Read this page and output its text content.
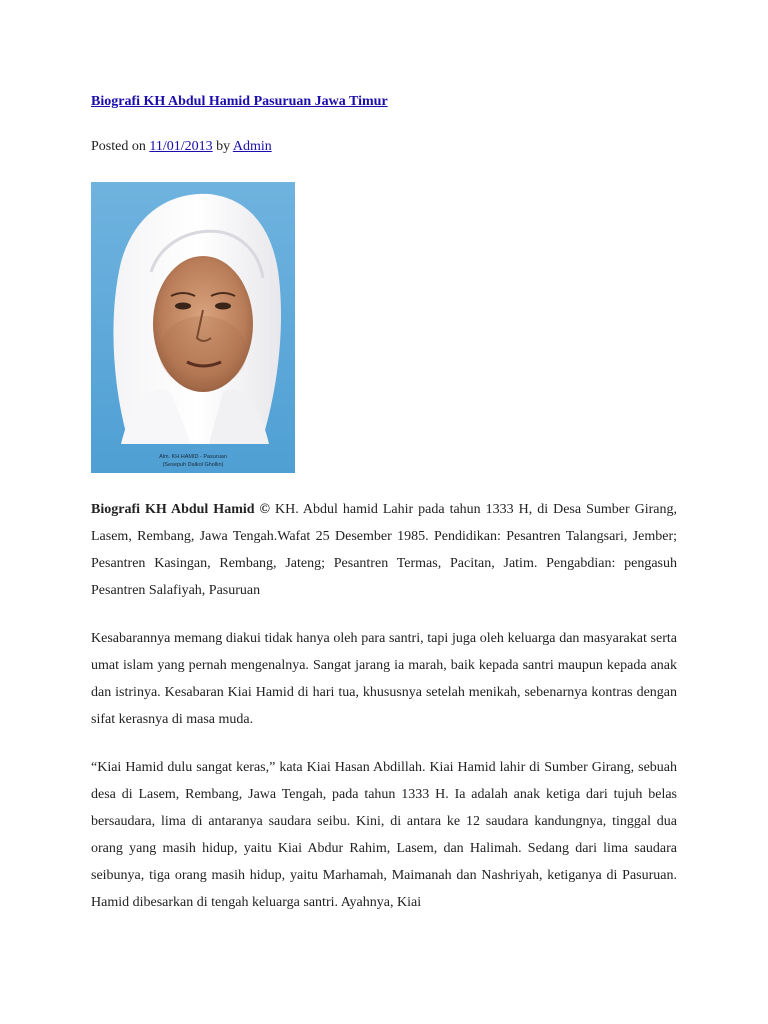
Biografi KH Abdul Hamid Pasuruan Jawa Timur
Posted on 11/01/2013 by Admin
Alm. KH.HAMID - Pasuruan
(Sesepuh Dalkol Ghollin)

Biografi KH Abdul Hamid © KH. Abdul hamid Lahir pada tahun 1333 H, di Desa Sumber Girang, Lasem, Rembang, Jawa Tengah.Wafat 25 Desember 1985. Pendidikan: Pesantren Talangsari, Jember; Pesantren Kasingan, Rembang, Jateng; Pesantren Termas, Pacitan, Jatim. Pengabdian: pengasuh Pesantren Salafiyah, Pasuruan

Kesabarannya memang diakui tidak hanya oleh para santri, tapi juga oleh keluarga dan masyarakat serta umat islam yang pernah mengenalnya. Sangat jarang ia marah, baik kepada santri maupun kepada anak dan istrinya. Kesabaran Kiai Hamid di hari tua, khususnya setelah menikah, sebenarnya kontras dengan sifat kerasnya di masa muda.

“Kiai Hamid dulu sangat keras,” kata Kiai Hasan Abdillah. Kiai Hamid lahir di Sumber Girang, sebuah desa di Lasem, Rembang, Jawa Tengah, pada tahun 1333 H. Ia adalah anak ketiga dari tujuh belas bersaudara, lima di antaranya saudara seibu. Kini, di antara ke 12 saudara kandungnya, tinggal dua orang yang masih hidup, yaitu Kiai Abdur Rahim, Lasem, dan Halimah. Sedang dari lima saudara seibunya, tiga orang masih hidup, yaitu Marhamah, Maimanah dan Nashriyah, ketiganya di Pasuruan. Hamid dibesarkan di tengah keluarga santri. Ayahnya, Kiai
